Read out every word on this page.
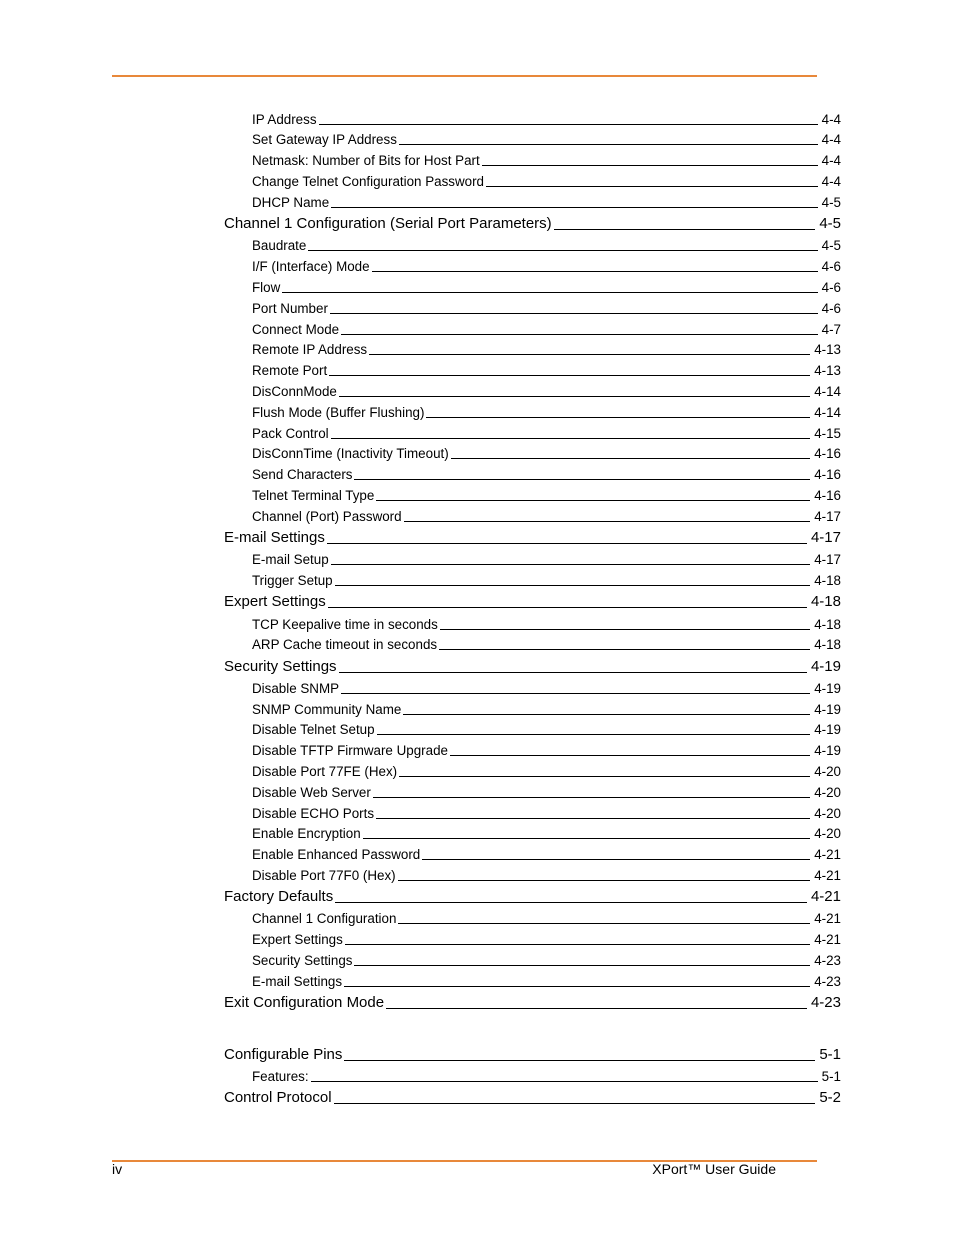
IP Address	4-4
Set Gateway IP Address	4-4
Netmask: Number of Bits for Host Part	4-4
Change Telnet Configuration Password	4-4
DHCP Name	4-5
Channel 1 Configuration (Serial Port Parameters)	4-5
Baudrate	4-5
I/F (Interface) Mode	4-6
Flow	4-6
Port Number	4-6
Connect Mode	4-7
Remote IP Address	4-13
Remote Port	4-13
DisConnMode	4-14
Flush Mode (Buffer Flushing)	4-14
Pack Control	4-15
DisConnTime (Inactivity Timeout)	4-16
Send Characters	4-16
Telnet Terminal Type	4-16
Channel (Port) Password	4-17
E-mail Settings	4-17
E-mail Setup	4-17
Trigger Setup	4-18
Expert Settings	4-18
TCP Keepalive time in seconds	4-18
ARP Cache timeout in seconds	4-18
Security Settings	4-19
Disable SNMP	4-19
SNMP Community Name	4-19
Disable Telnet Setup	4-19
Disable TFTP Firmware Upgrade	4-19
Disable Port 77FE (Hex)	4-20
Disable Web Server	4-20
Disable ECHO Ports	4-20
Enable Encryption	4-20
Enable Enhanced Password	4-21
Disable Port 77F0 (Hex)	4-21
Factory Defaults	4-21
Channel 1 Configuration	4-21
Expert Settings	4-21
Security Settings	4-23
E-mail Settings	4-23
Exit Configuration Mode	4-23
Configurable Pins	5-1
Features:	5-1
Control Protocol	5-2
iv	XPort™ User Guide
